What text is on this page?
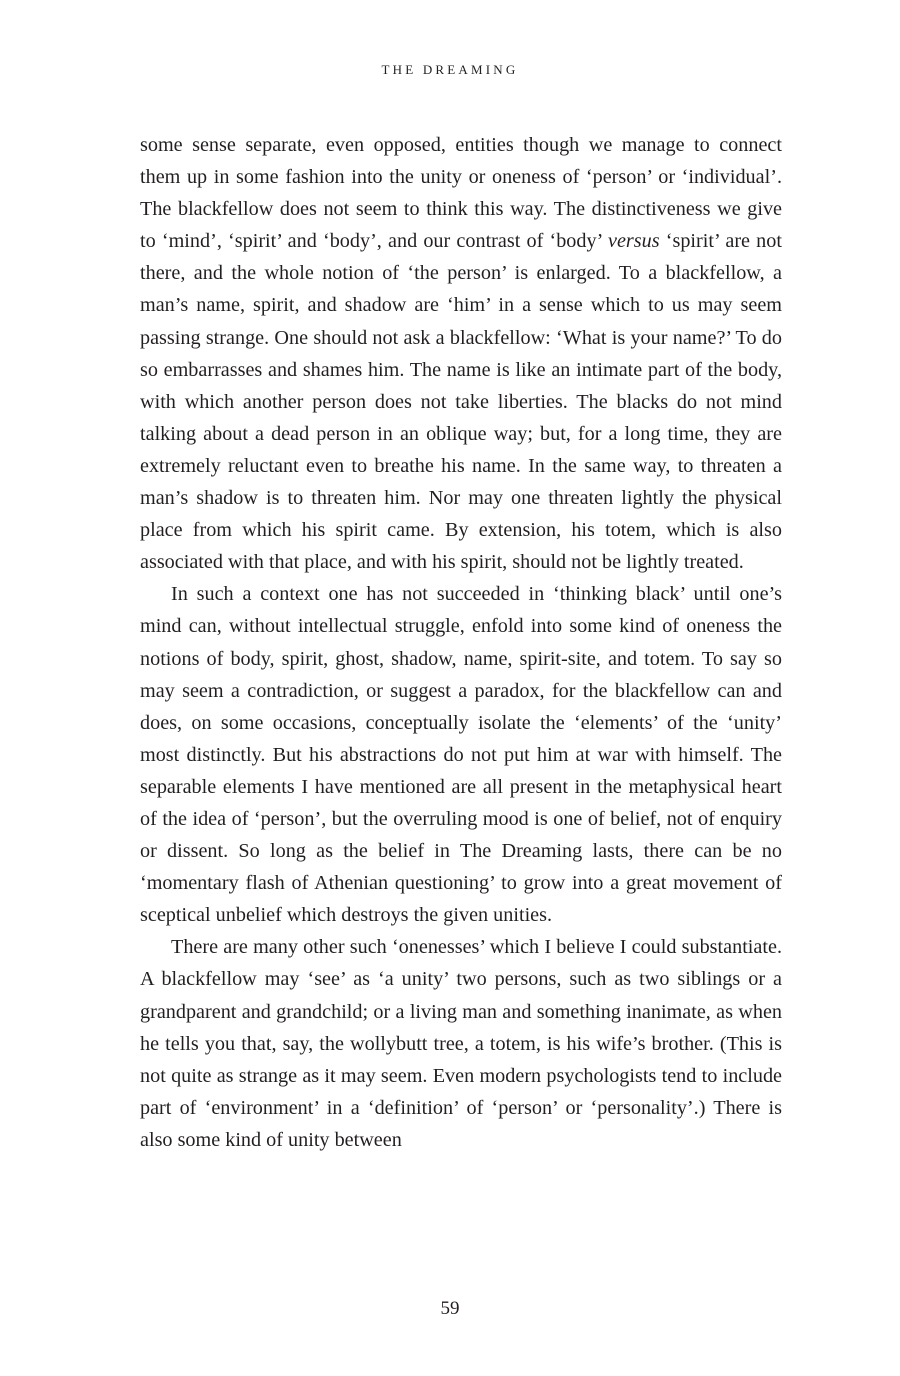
THE DREAMING

some sense separate, even opposed, entities though we manage to connect them up in some fashion into the unity or oneness of ‘person’ or ‘individual’. The blackfellow does not seem to think this way. The distinctiveness we give to ‘mind’, ‘spirit’ and ‘body’, and our contrast of ‘body’ versus ‘spirit’ are not there, and the whole notion of ‘the person’ is enlarged. To a blackfellow, a man’s name, spirit, and shadow are ‘him’ in a sense which to us may seem passing strange. One should not ask a blackfellow: ‘What is your name?’ To do so embarrasses and shames him. The name is like an intimate part of the body, with which another person does not take liberties. The blacks do not mind talking about a dead person in an oblique way; but, for a long time, they are extremely reluctant even to breathe his name. In the same way, to threaten a man’s shadow is to threaten him. Nor may one threaten lightly the physical place from which his spirit came. By extension, his totem, which is also associated with that place, and with his spirit, should not be lightly treated.

In such a context one has not succeeded in ‘thinking black’ until one’s mind can, without intellectual struggle, enfold into some kind of oneness the notions of body, spirit, ghost, shadow, name, spirit-site, and totem. To say so may seem a contradiction, or suggest a paradox, for the blackfellow can and does, on some occasions, conceptually isolate the ‘elements’ of the ‘unity’ most distinctly. But his abstractions do not put him at war with himself. The separable elements I have mentioned are all present in the metaphysical heart of the idea of ‘person’, but the overruling mood is one of belief, not of enquiry or dissent. So long as the belief in The Dreaming lasts, there can be no ‘momentary flash of Athenian questioning’ to grow into a great movement of sceptical unbelief which destroys the given unities.

There are many other such ‘onenesses’ which I believe I could substantiate. A blackfellow may ‘see’ as ‘a unity’ two persons, such as two siblings or a grandparent and grandchild; or a living man and something inanimate, as when he tells you that, say, the wollybutt tree, a totem, is his wife’s brother. (This is not quite as strange as it may seem. Even modern psychologists tend to include part of ‘environment’ in a ‘definition’ of ‘person’ or ‘personality’.) There is also some kind of unity between

59
